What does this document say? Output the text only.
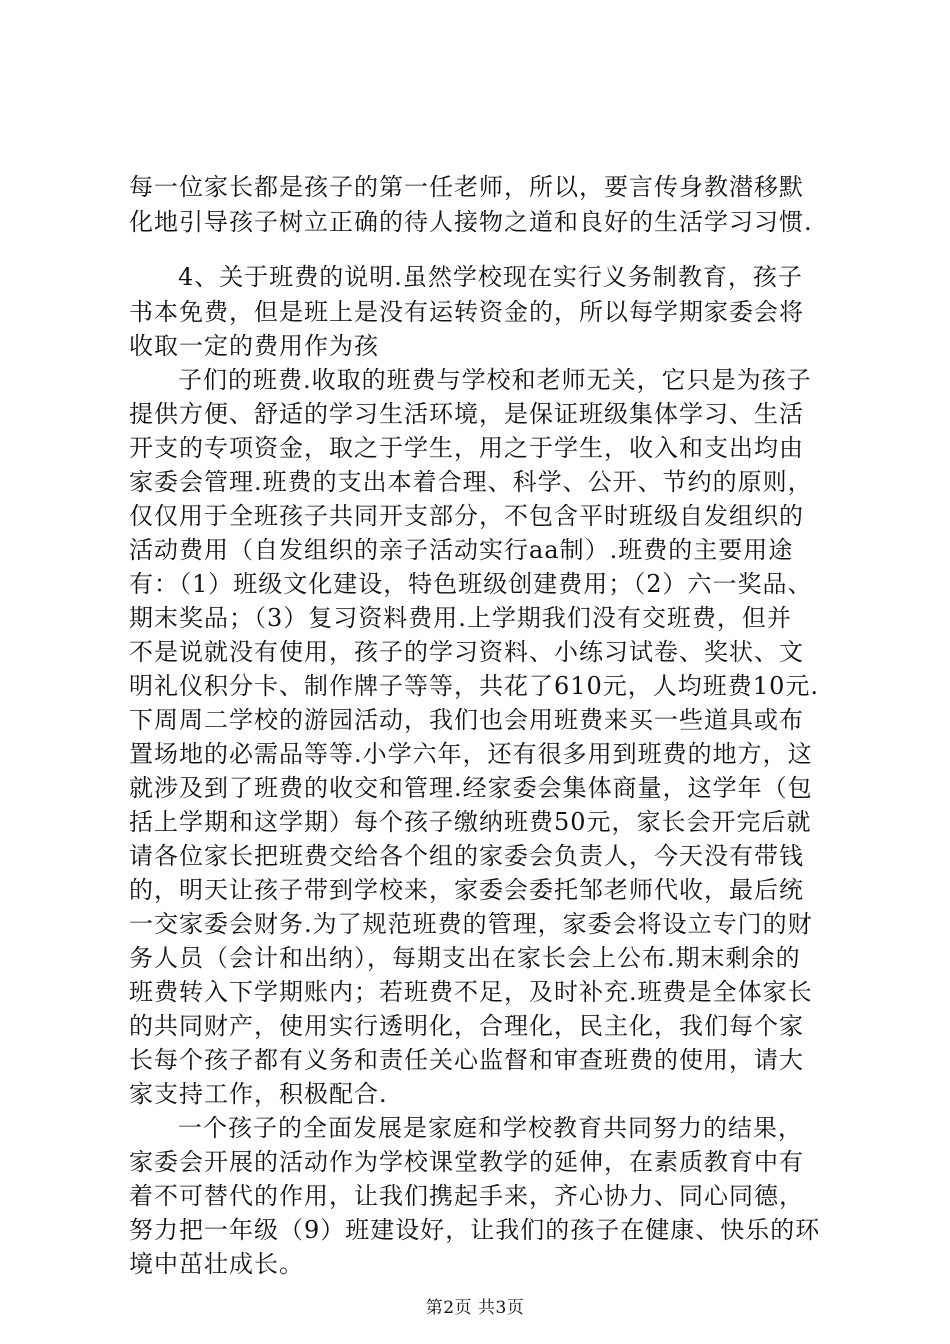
每一位家长都是孩子的第一任老师，所以，要言传身教潜移默
化地引导孩子树立正确的待人接物之道和良好的生活学习习惯.
4、关于班费的说明.虽然学校现在实行义务制教育，孩子
书本免费，但是班上是没有运转资金的，所以每学期家委会将
收取一定的费用作为孩
子们的班费.收取的班费与学校和老师无关，它只是为孩子
提供方便、舒适的学习生活环境，是保证班级集体学习、生活
开支的专项资金，取之于学生，用之于学生，收入和支出均由
家委会管理.班费的支出本着合理、科学、公开、节约的原则，
仅仅用于全班孩子共同开支部分，不包含平时班级自发组织的
活动费用（自发组织的亲子活动实行aa制）.班费的主要用途
有：（1）班级文化建设，特色班级创建费用；（2）六一奖品、
期末奖品；（3）复习资料费用.上学期我们没有交班费，但并
不是说就没有使用，孩子的学习资料、小练习试卷、奖状、文
明礼仪积分卡、制作牌子等等，共花了610元，人均班费10元.
下周周二学校的游园活动，我们也会用班费来买一些道具或布
置场地的必需品等等.小学六年，还有很多用到班费的地方，这
就涉及到了班费的收交和管理.经家委会集体商量，这学年（包
括上学期和这学期）每个孩子缴纳班费50元，家长会开完后就
请各位家长把班费交给各个组的家委会负责人，今天没有带钱
的，明天让孩子带到学校来，家委会委托邹老师代收，最后统
一交家委会财务.为了规范班费的管理，家委会将设立专门的财
务人员（会计和出纳），每期支出在家长会上公布.期末剩余的
班费转入下学期账内；若班费不足，及时补充.班费是全体家长
的共同财产，使用实行透明化，合理化，民主化，我们每个家
长每个孩子都有义务和责任关心监督和审查班费的使用，请大
家支持工作，积极配合.
一个孩子的全面发展是家庭和学校教育共同努力的结果，
家委会开展的活动作为学校课堂教学的延伸，在素质教育中有
着不可替代的作用，让我们携起手来，齐心协力、同心同德，
努力把一年级（9）班建设好，让我们的孩子在健康、快乐的环
境中茁壮成长。
第2页 共3页
